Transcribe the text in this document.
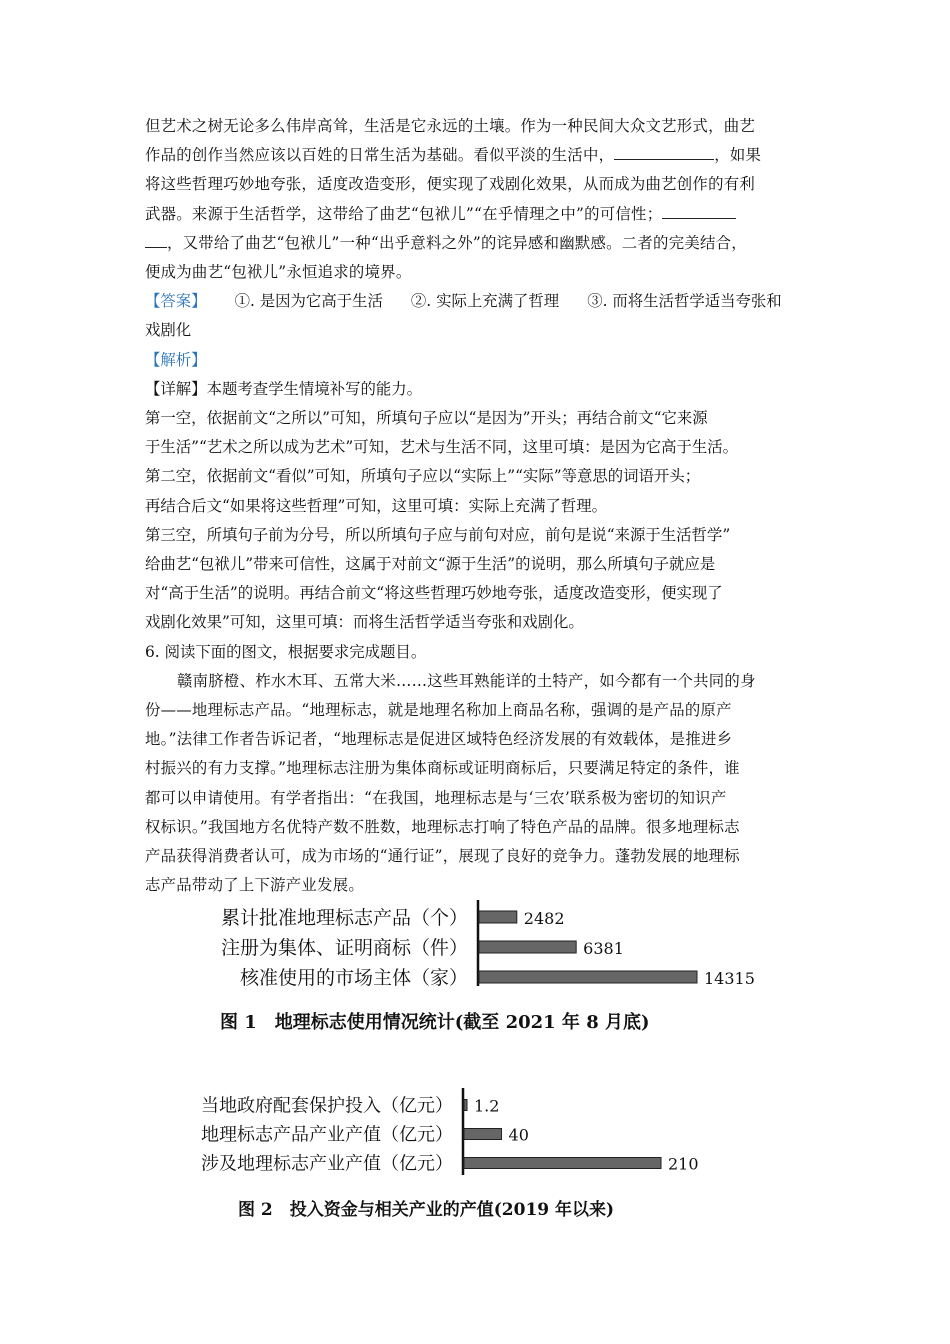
但艺术之树无论多么伟岸高耸，生活是它永远的土壤。作为一种民间大众文艺形式，曲艺

作品的创作当然应该以百姓的日常生活为基础。看似平淡的生活中，	，如果

将这些哲理巧妙地夸张，适度改造变形，便实现了戏剧化效果，从而成为曲艺创作的有利

武器。来源于生活哲学，这带给了曲艺“包袱儿”“在乎情理之中”的可信性；

，又带给了曲艺“包袱儿”一种“出乎意料之外”的诧异感和幽默感。二者的完美结合，

便成为曲艺“包袱儿”永恒追求的境界。

【答案】 ①. 是因为它高于生活 ②. 实际上充满了哲理 ③. 而将生活哲学适当夸张和

戏剧化

【解析】

【详解】本题考查学生情境补写的能力。

第一空，依据前文“之所以”可知，所填句子应以“是因为”开头；再结合前文“它来源

于生活”“艺术之所以成为艺术”可知，艺术与生活不同，这里可填：是因为它高于生活。

第二空，依据前文“看似”可知，所填句子应以“实际上”“实际”等意思的词语开头；

再结合后文“如果将这些哲理”可知，这里可填：实际上充满了哲理。

第三空，所填句子前为分号，所以所填句子应与前句对应，前句是说“来源于生活哲学”

给曲艺“包袱儿”带来可信性，这属于对前文“源于生活”的说明，那么所填句子就应是

对“高于生活”的说明。再结合前文“将这些哲理巧妙地夸张，适度改造变形，便实现了

戏剧化效果”可知，这里可填：而将生活哲学适当夸张和戏剧化。

6. 阅读下面的图文，根据要求完成题目。

赣南脐橙、柞水木耳、五常大米……这些耳熟能详的土特产，如今都有一个共同的身

份——地理标志产品。“地理标志，就是地理名称加上商品名称，强调的是产品的原产

地。”法律工作者告诉记者，“地理标志是促进区域特色经济发展的有效载体，是推进乡

村振兴的有力支撑。”地理标志注册为集体商标或证明商标后，只要满足特定的条件，谁

都可以申请使用。有学者指出：“在我国，地理标志是与‘三农’联系极为密切的知识产

权标识。”我国地方名优特产数不胜数，地理标志打响了特色产品的品牌。很多地理标志

产品获得消费者认可，成为市场的“通行证”，展现了良好的竞争力。蓬勃发展的地理标

志产品带动了上下游产业发展。

累计批准地理标志产品（个）	2482
注册为集体、证明商标（件）	6381
核准使用的市场主体（家）	14315
图 1　地理标志使用情况统计(截至 2021 年 8 月底)
当地政府配套保护投入（亿元） 1.2
地理标志产品产业产值（亿元）	40
涉及地理标志产业产值（亿元）	210
图 2　投入资金与相关产业的产值(2019 年以来)
